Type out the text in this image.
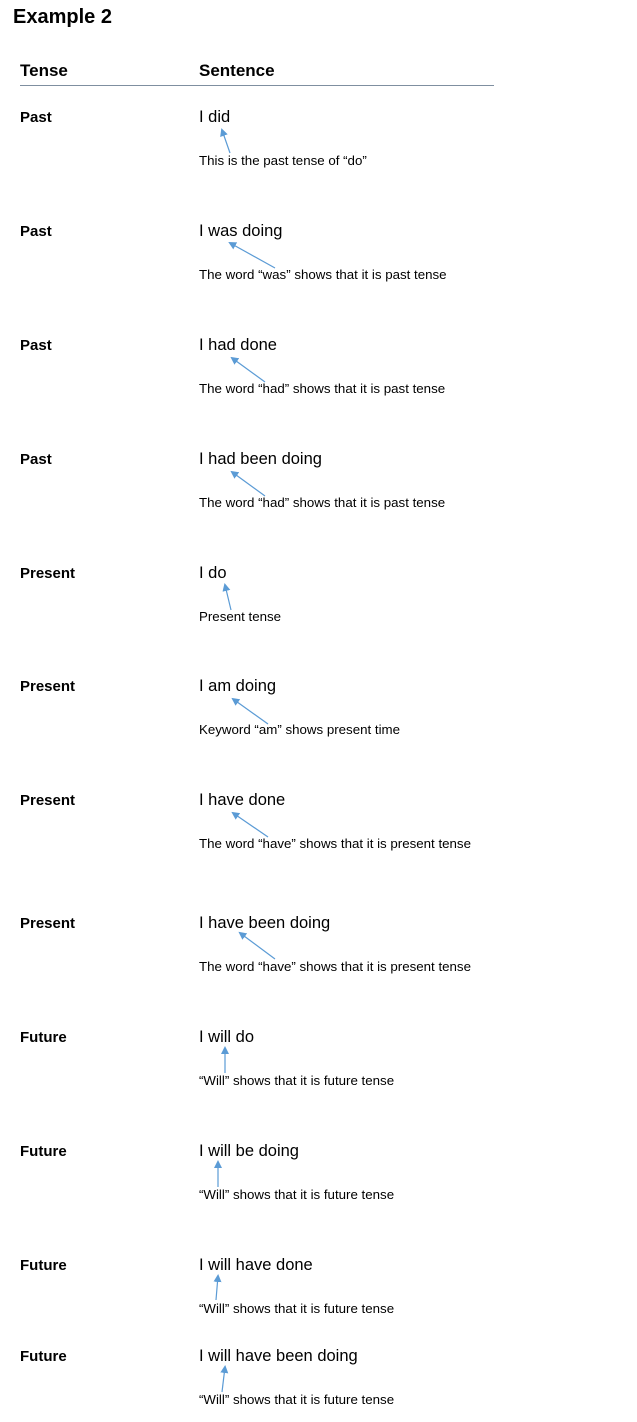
Example 2
Tense	Sentence
Past	I did
This is the past tense of “do”
Past	I was doing
The word “was” shows that it is past tense
Past	I had done
The word “had” shows that it is past tense
Past	I had been doing
The word “had” shows that it is past tense
Present	I do
Present tense
Present	I am doing
Keyword “am” shows present time
Present	I have done
The word “have” shows that it is present tense
Present	I have been doing
The word “have” shows that it is present tense
Future	I will do
“Will” shows that it is future tense
Future	I will be doing
“Will” shows that it is future tense
Future	I will have done
“Will” shows that it is future tense
Future	I will have been doing
“Will” shows that it is future tense
